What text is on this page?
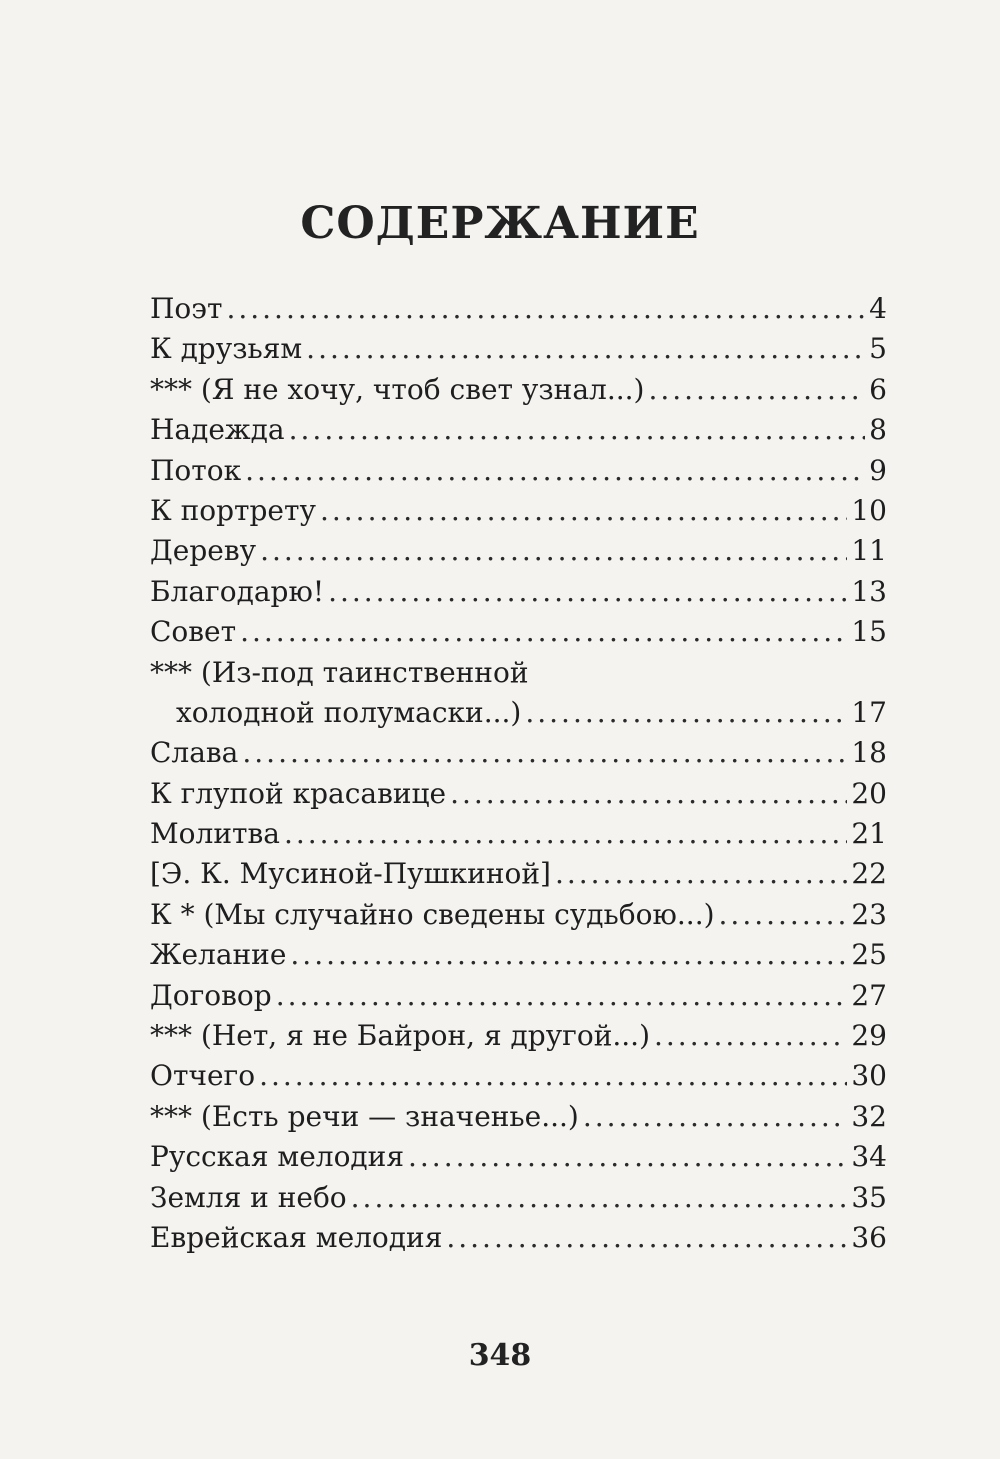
СОДЕРЖАНИЕ
Поэт .....	4
К друзьям .....	5
*** (Я не хочу, чтоб свет узнал...) .....	6
Надежда .....	8
Поток .....	9
К портрету .....	10
Дереву .....	11
Благодарю! .....	13
Совет .....	15
*** (Из-под таинственной
холодной полумаски...) .....	17
Слава .....	18
К глупой красавице .....	20
Молитва .....	21
[Э. К. Мусиной-Пушкиной] .....	22
К * (Мы случайно сведены судьбою...) .....	23
Желание .....	25
Договор .....	27
*** (Нет, я не Байрон, я другой...) .....	29
Отчего .....	30
*** (Есть речи — значенье...) .....	32
Русская мелодия .....	34
Земля и небо .....	35
Еврейская мелодия .....	36
348
